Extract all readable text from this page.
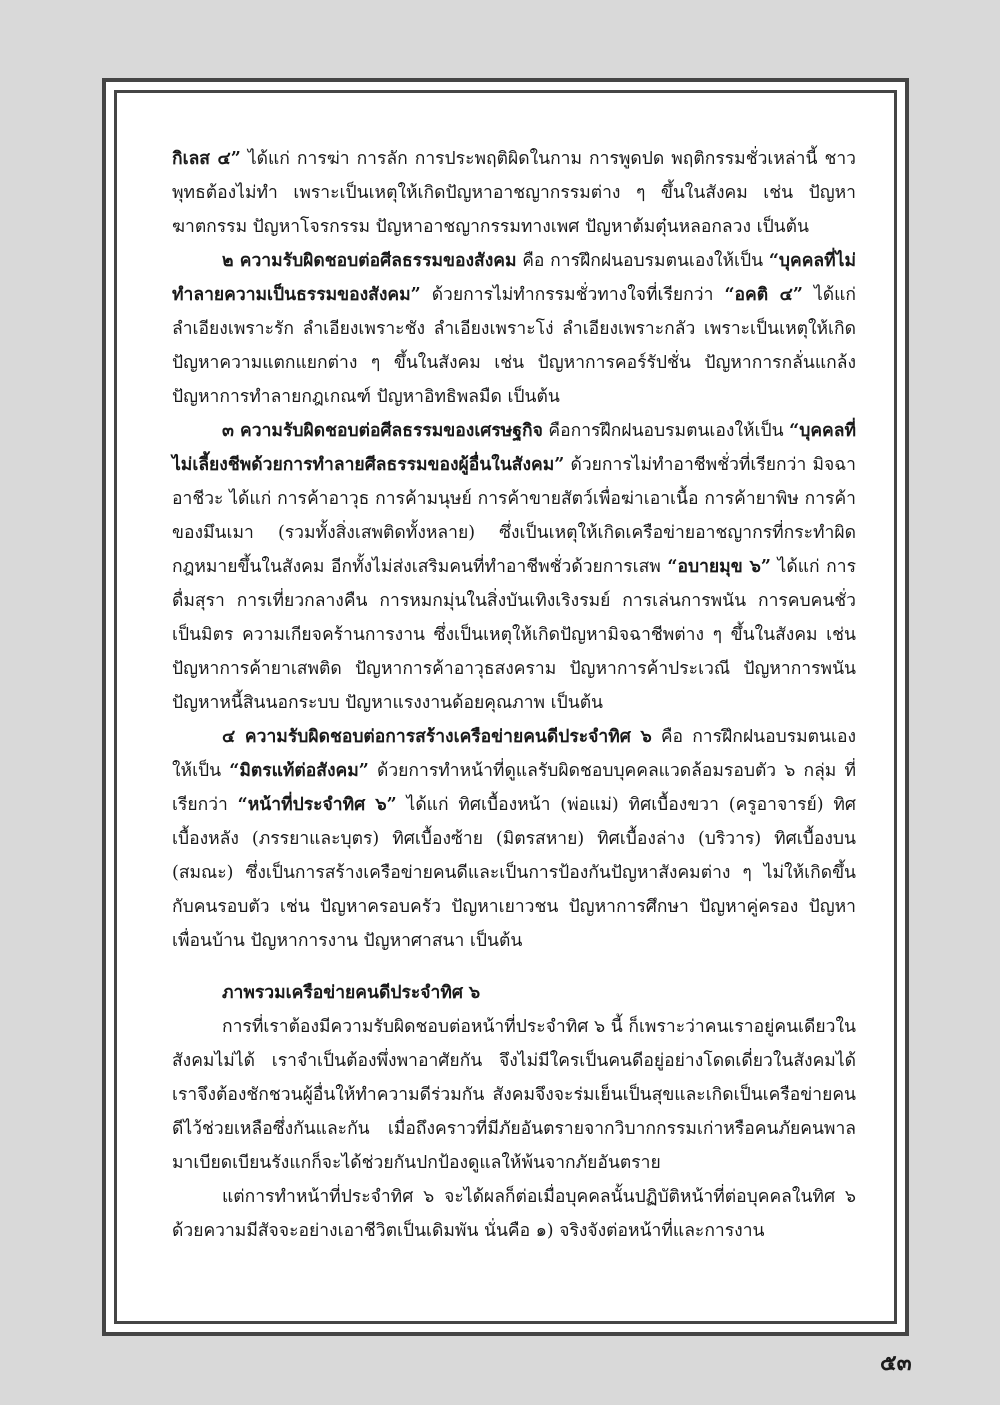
กิเลส ๔” ได้แก่ การฆ่า การลัก การประพฤติผิดในกาม การพูดปด พฤติกรรมชั่วเหล่านี้ ชาวพุทธต้องไม่ทำ เพราะเป็นเหตุให้เกิดปัญหาอาชญากรรมต่าง ๆ ขึ้นในสังคม เช่น ปัญหาฆาตกรรม ปัญหาโจรกรรม ปัญหาอาชญากรรมทางเพศ ปัญหาต้มตุ๋นหลอกลวง เป็นต้น

๒ ความรับผิดชอบต่อศีลธรรมของสังคม คือ การฝึกฝนอบรมตนเองให้เป็น “บุคคลที่ไม่ทำลายความเป็นธรรมของสังคม” ด้วยการไม่ทำกรรมชั่วทางใจที่เรียกว่า “อคติ ๔” ได้แก่ ลำเอียงเพราะรัก ลำเอียงเพราะชัง ลำเอียงเพราะโง่ ลำเอียงเพราะกลัว เพราะเป็นเหตุให้เกิดปัญหาความแตกแยกต่าง ๆ ขึ้นในสังคม เช่น ปัญหาการคอร์รัปชั่น ปัญหาการกลั่นแกล้ง ปัญหาการทำลายกฎเกณฑ์ ปัญหาอิทธิพลมืด เป็นต้น

๓ ความรับผิดชอบต่อศีลธรรมของเศรษฐกิจ คือการฝึกฝนอบรมตนเองให้เป็น “บุคคลที่ไม่เลี้ยงชีพด้วยการทำลายศีลธรรมของผู้อื่นในสังคม” ด้วยการไม่ทำอาชีพชั่วที่เรียกว่า มิจฉาอาชีวะ ได้แก่ การค้าอาวุธ การค้ามนุษย์ การค้าขายสัตว์เพื่อฆ่าเอาเนื้อ การค้ายาพิษ การค้าของมึนเมา (รวมทั้งสิ่งเสพติดทั้งหลาย) ซึ่งเป็นเหตุให้เกิดเครือข่ายอาชญากรที่กระทำผิดกฎหมายขึ้นในสังคม อีกทั้งไม่ส่งเสริมคนที่ทำอาชีพชั่วด้วยการเสพ “อบายมุข ๖” ได้แก่ การดื่มสุรา การเที่ยวกลางคืน การหมกมุ่นในสิ่งบันเทิงเริงรมย์ การเล่นการพนัน การคบคนชั่วเป็นมิตร ความเกียจคร้านการงาน ซึ่งเป็นเหตุให้เกิดปัญหามิจฉาชีพต่าง ๆ ขึ้นในสังคม เช่น ปัญหาการค้ายาเสพติด ปัญหาการค้าอาวุธสงคราม ปัญหาการค้าประเวณี ปัญหาการพนัน ปัญหาหนี้สินนอกระบบ ปัญหาแรงงานด้อยคุณภาพ เป็นต้น

๔ ความรับผิดชอบต่อการสร้างเครือข่ายคนดีประจำทิศ ๖ คือ การฝึกฝนอบรมตนเองให้เป็น “มิตรแท้ต่อสังคม” ด้วยการทำหน้าที่ดูแลรับผิดชอบบุคคลแวดล้อมรอบตัว ๖ กลุ่ม ที่เรียกว่า “หน้าที่ประจำทิศ ๖” ได้แก่ ทิศเบื้องหน้า (พ่อแม่) ทิศเบื้องขวา (ครูอาจารย์) ทิศเบื้องหลัง (ภรรยาและบุตร) ทิศเบื้องซ้าย (มิตรสหาย) ทิศเบื้องล่าง (บริวาร) ทิศเบื้องบน (สมณะ) ซึ่งเป็นการสร้างเครือข่ายคนดีและเป็นการป้องกันปัญหาสังคมต่าง ๆ ไม่ให้เกิดขึ้นกับคนรอบตัว เช่น ปัญหาครอบครัว ปัญหาเยาวชน ปัญหาการศึกษา ปัญหาคู่ครอง ปัญหาเพื่อนบ้าน ปัญหาการงาน ปัญหาศาสนา เป็นต้น

ภาพรวมเครือข่ายคนดีประจำทิศ ๖

การที่เราต้องมีความรับผิดชอบต่อหน้าที่ประจำทิศ ๖ นี้ ก็เพราะว่าคนเราอยู่คนเดียวในสังคมไม่ได้ เราจำเป็นต้องพึ่งพาอาศัยกัน จึงไม่มีใครเป็นคนดีอยู่อย่างโดดเดี่ยวในสังคมได้ เราจึงต้องชักชวนผู้อื่นให้ทำความดีร่วมกัน สังคมจึงจะร่มเย็นเป็นสุขและเกิดเป็นเครือข่ายคนดีไว้ช่วยเหลือซึ่งกันและกัน เมื่อถึงคราวที่มีภัยอันตรายจากวิบากกรรมเก่าหรือคนภัยคนพาลมาเบียดเบียนรังแกก็จะได้ช่วยกันปกป้องดูแลให้พ้นจากภัยอันตราย

แต่การทำหน้าที่ประจำทิศ ๖ จะได้ผลก็ต่อเมื่อบุคคลนั้นปฏิบัติหน้าที่ต่อบุคคลในทิศ ๖ ด้วยความมีสัจจะอย่างเอาชีวิตเป็นเดิมพัน นั่นคือ ๑) จริงจังต่อหน้าที่และการงาน

๕๓
